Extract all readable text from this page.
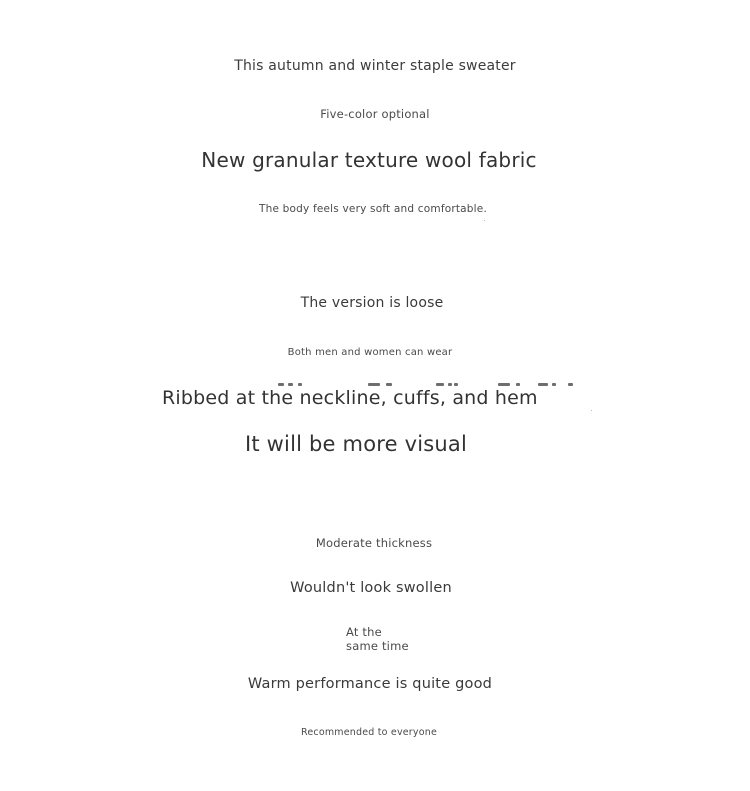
This autumn and winter staple sweater
Five-color optional
New granular texture wool fabric
The body feels very soft and comfortable.
The version is loose
Both men and women can wear
Ribbed at the neckline, cuffs, and hem
It will be more visual
Moderate thickness
Wouldn't look swollen
At the
same time
Warm performance is quite good
Recommended to everyone
